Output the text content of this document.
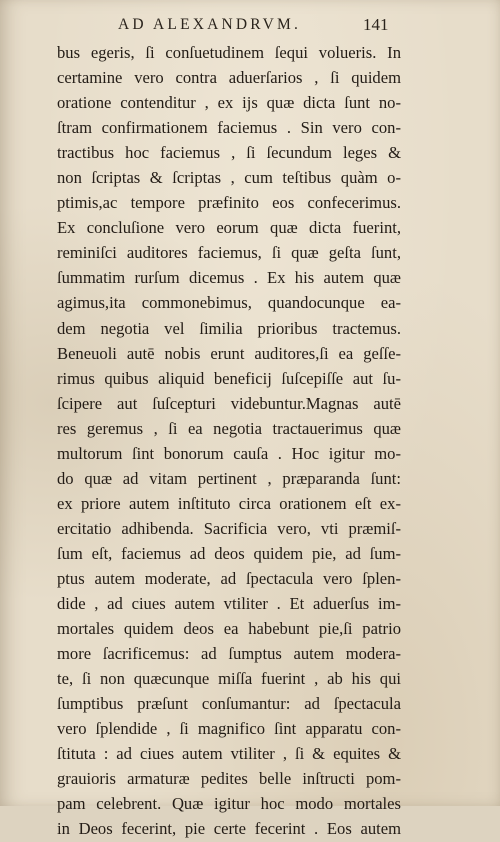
AD ALEXANDRVM.	141
bus egeris, ſi conſuetudinem ſequi volueris. In
certamine vero contra aduerſarios , ſi quidem
oratione contenditur , ex ijs quæ dicta ſunt no-
ſtram confirmationem faciemus . Sin vero con-
tractibus hoc faciemus , ſi ſecundum leges &
non ſcriptas & ſcriptas , cum teſtibus quàm o-
ptimis,ac tempore præfinito eos confecerimus.
Ex concluſione vero eorum quæ dicta fuerint,
reminiſci auditores faciemus, ſi quæ geſta ſunt,
ſummatim rurſum dicemus . Ex his autem quæ
agimus,ita commonebimus, quandocunque ea-
dem negotia vel ſimilia prioribus tractemus.
Beneuoli autē nobis erunt auditores,ſi ea geſſe-
rimus quibus aliquid beneficij ſuſcepiſſe aut ſu-
ſcipere aut ſuſcepturi videbuntur.Magnas autē
res geremus , ſi ea negotia tractauerimus quæ
multorum ſint bonorum cauſa . Hoc igitur mo-
do quæ ad vitam pertinent , præparanda ſunt:
ex priore autem inſtituto circa orationem eſt ex-
ercitatio adhibenda. Sacrificia vero, vti præmiſ-
ſum eſt, faciemus ad deos quidem pie, ad ſum-
ptus autem moderate, ad ſpectacula vero ſplen-
dide , ad ciues autem vtiliter . Et aduerſus im-
mortales quidem deos ea habebunt pie,ſi patrio
more ſacrificemus: ad ſumptus autem modera-
te, ſi non quæcunque miſſa fuerint , ab his qui
ſumptibus præſunt conſumantur: ad ſpectacula
vero ſplendide , ſi magnifico ſint apparatu con-
ſtituta : ad ciues autem vtiliter , ſi & equites &
grauioris armaturæ pedites belle inſtructi pom-
pam celebrent. Quæ igitur hoc modo mortales
in Deos fecerint, pie certe fecerint . Eos autem
